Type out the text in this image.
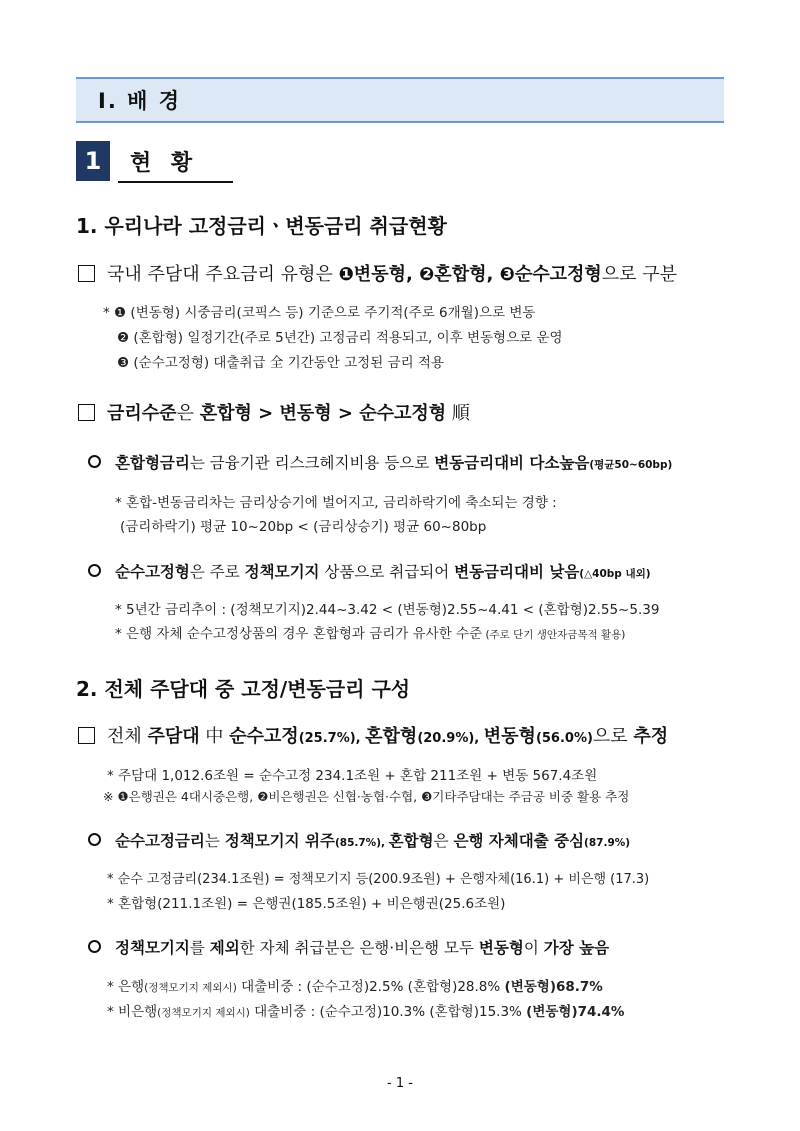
Ⅰ. 배 경
1	현 황
1. 우리나라 고정금리ㆍ변동금리 취급현황
국내 주담대 주요금리 유형은 ❶변동형, ❷혼합형, ❸순수고정형으로 구분
* ❶ (변동형) 시중금리(코픽스 등) 기준으로 주기적(주로 6개월)으로 변동
❷ (혼합형) 일정기간(주로 5년간) 고정금리 적용되고, 이후 변동형으로 운영
❸ (순수고정형) 대출취급 全 기간동안 고정된 금리 적용
금리수준은 혼합형 > 변동형 > 순수고정형 順
혼합형금리는 금융기관 리스크헤지비용 등으로 변동금리대비 다소높음(평균50~60bp)
* 혼합-변동금리차는 금리상승기에 벌어지고, 금리하락기에 축소되는 경향 :
(금리하락기) 평균 10~20bp < (금리상승기) 평균 60~80bp
순수고정형은 주로 정책모기지 상품으로 취급되어 변동금리대비 낮음(△40bp 내외)
* 5년간 금리추이 : (정책모기지)2.44~3.42 < (변동형)2.55~4.41 < (혼합형)2.55~5.39
* 은행 자체 순수고정상품의 경우 혼합형과 금리가 유사한 수준 (주로 단기 생안자금목적 활용)
2. 전체 주담대 중 고정/변동금리 구성
전체 주담대 中 순수고정(25.7%), 혼합형(20.9%), 변동형(56.0%)으로 추정
* 주담대 1,012.6조원 = 순수고정 234.1조원 + 혼합 211조원 + 변동 567.4조원
※ ❶은행권은 4대시중은행, ❷비은행권은 신협·농협·수협, ❸기타주담대는 주금공 비중 활용 추정
순수고정금리는 정책모기지 위주(85.7%), 혼합형은 은행 자체대출 중심(87.9%)
* 순수 고정금리(234.1조원) = 정책모기지 등(200.9조원) + 은행자체(16.1) + 비은행 (17.3)
* 혼합형(211.1조원) = 은행권(185.5조원) + 비은행권(25.6조원)
정책모기지를 제외한 자체 취급분은 은행·비은행 모두 변동형이 가장 높음
* 은행(정책모기지 제외시) 대출비중 : (순수고정)2.5% (혼합형)28.8% (변동형)68.7%
* 비은행(정책모기지 제외시) 대출비중 : (순수고정)10.3% (혼합형)15.3% (변동형)74.4%
- 1 -
